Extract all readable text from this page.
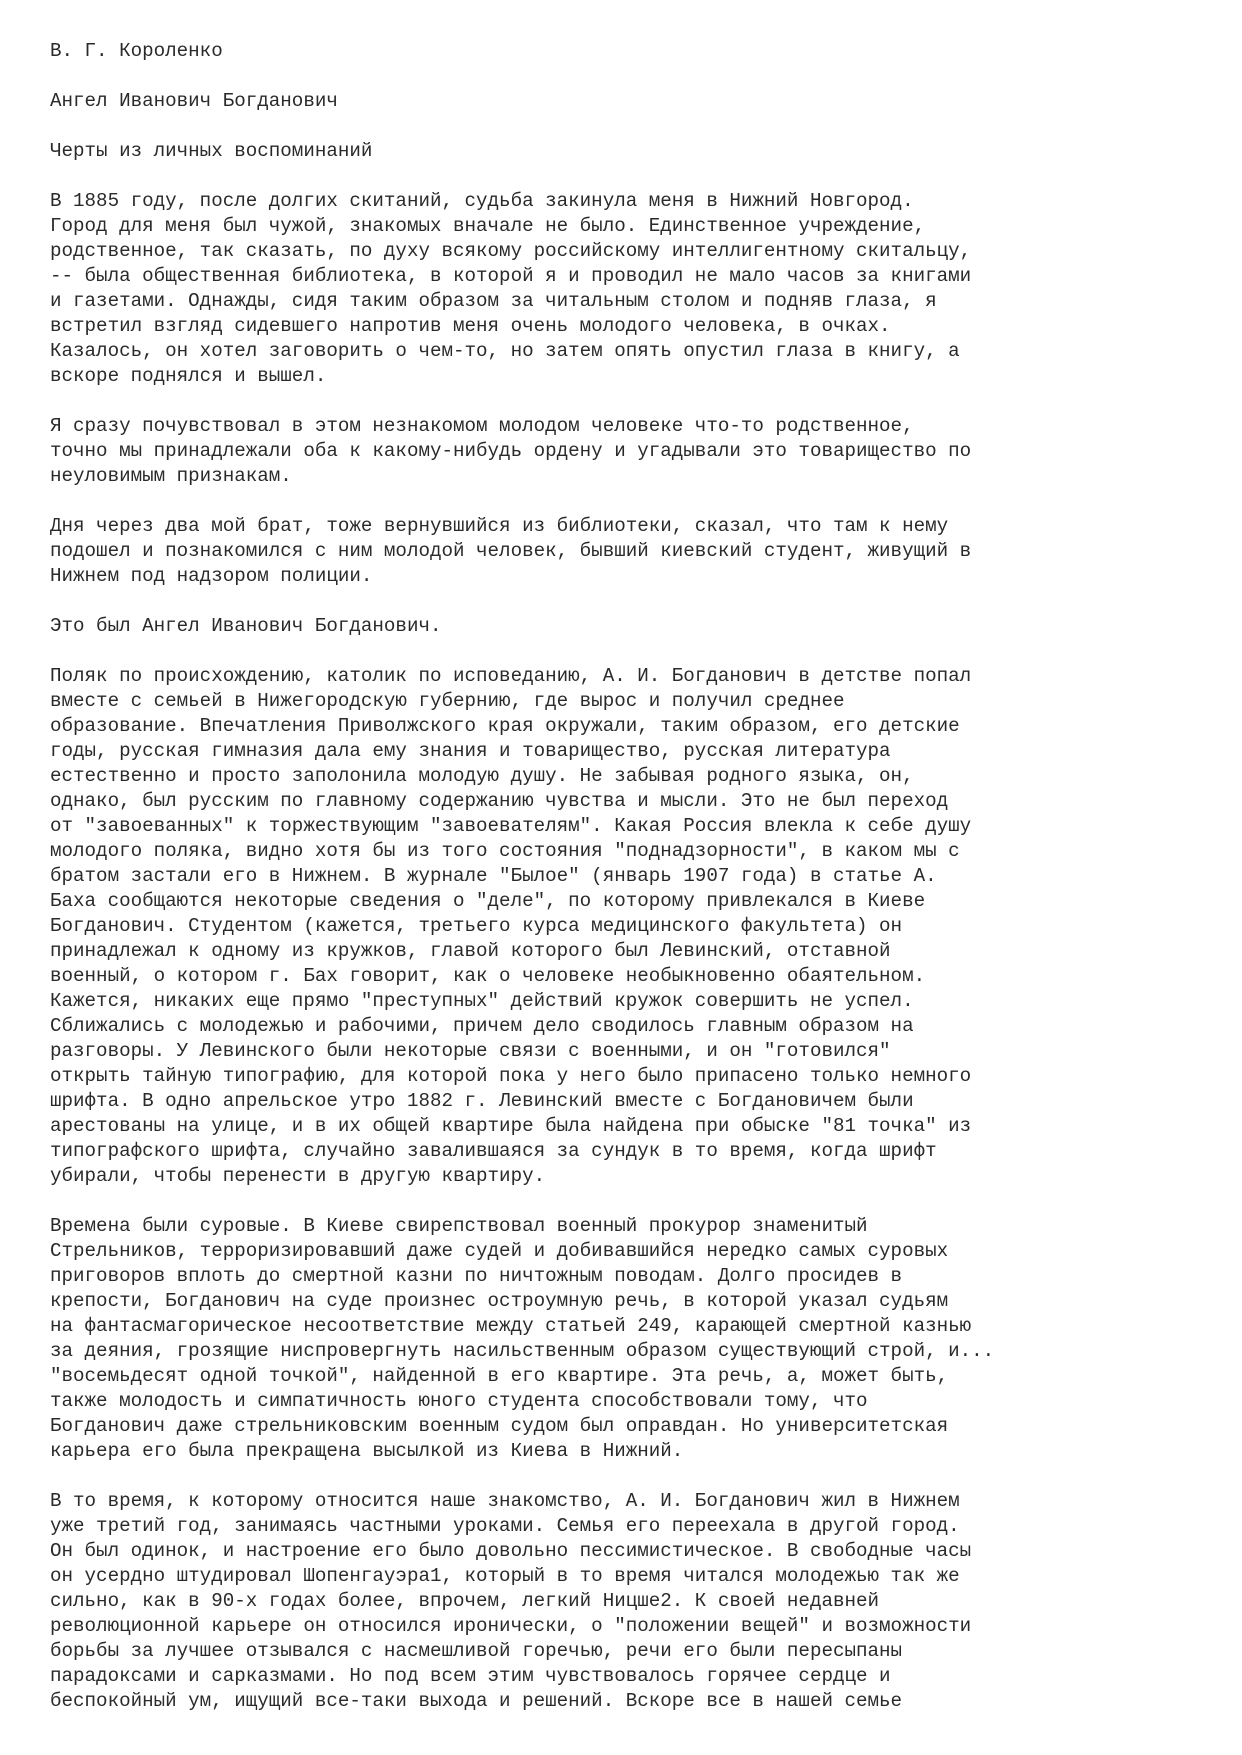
В. Г. Короленко
Ангел Иванович Богданович
Черты из личных воспоминаний
В 1885 году, после долгих скитаний, судьба закинула меня в Нижний Новгород.
Город для меня был чужой, знакомых вначале не было. Единственное учреждение,
родственное, так сказать, по духу всякому российскому интеллигентному скитальцу,
-- была общественная библиотека, в которой я и проводил не мало часов за книгами
и газетами. Однажды, сидя таким образом за читальным столом и подняв глаза, я
встретил взгляд сидевшего напротив меня очень молодого человека, в очках.
Казалось, он хотел заговорить о чем-то, но затем опять опустил глаза в книгу, а
вскоре поднялся и вышел.
Я сразу почувствовал в этом незнакомом молодом человеке что-то родственное,
точно мы принадлежали оба к какому-нибудь ордену и угадывали это товарищество по
неуловимым признакам.
Дня через два мой брат, тоже вернувшийся из библиотеки, сказал, что там к нему
подошел и познакомился с ним молодой человек, бывший киевский студент, живущий в
Нижнем под надзором полиции.
Это был Ангел Иванович Богданович.
Поляк по происхождению, католик по исповеданию, А. И. Богданович в детстве попал
вместе с семьей в Нижегородскую губернию, где вырос и получил среднее
образование. Впечатления Приволжского края окружали, таким образом, его детские
годы, русская гимназия дала ему знания и товарищество, русская литература
естественно и просто заполонила молодую душу. Не забывая родного языка, он,
однако, был русским по главному содержанию чувства и мысли. Это не был переход
от "завоеванных" к торжествующим "завоевателям". Какая Россия влекла к себе душу
молодого поляка, видно хотя бы из того состояния "поднадзорности", в каком мы с
братом застали его в Нижнем. В журнале "Былое" (январь 1907 года) в статье А.
Баха сообщаются некоторые сведения о "деле", по которому привлекался в Киеве
Богданович. Студентом (кажется, третьего курса медицинского факультета) он
принадлежал к одному из кружков, главой которого был Левинский, отставной
военный, о котором г. Бах говорит, как о человеке необыкновенно обаятельном.
Кажется, никаких еще прямо "преступных" действий кружок совершить не успел.
Сближались с молодежью и рабочими, причем дело сводилось главным образом на
разговоры. У Левинского были некоторые связи с военными, и он "готовился"
открыть тайную типографию, для которой пока у него было припасено только немного
шрифта. В одно апрельское утро 1882 г. Левинский вместе с Богдановичем были
арестованы на улице, и в их общей квартире была найдена при обыске "81 точка" из
типографского шрифта, случайно завалившаяся за сундук в то время, когда шрифт
убирали, чтобы перенести в другую квартиру.
Времена были суровые. В Киеве свирепствовал военный прокурор знаменитый
Стрельников, терроризировавший даже судей и добивавшийся нередко самых суровых
приговоров вплоть до смертной казни по ничтожным поводам. Долго просидев в
крепости, Богданович на суде произнес остроумную речь, в которой указал судьям
на фантасмагорическое несоответствие между статьей 249, карающей смертной казнью
за деяния, грозящие ниспровергнуть насильственным образом существующий строй, и...
"восемьдесят одной точкой", найденной в его квартире. Эта речь, а, может быть,
также молодость и симпатичность юного студента способствовали тому, что
Богданович даже стрельниковским военным судом был оправдан. Но университетская
карьера его была прекращена высылкой из Киева в Нижний.
В то время, к которому относится наше знакомство, А. И. Богданович жил в Нижнем
уже третий год, занимаясь частными уроками. Семья его переехала в другой город.
Он был одинок, и настроение его было довольно пессимистическое. В свободные часы
он усердно штудировал Шопенгауэра1, который в то время читался молодежью так же
сильно, как в 90-х годах более, впрочем, легкий Ницше2. К своей недавней
революционной карьере он относился иронически, о "положении вещей" и возможности
борьбы за лучшее отзывался с насмешливой горечью, речи его были пересыпаны
парадоксами и сарказмами. Но под всем этим чувствовалось горячее сердце и
беспокойный ум, ищущий все-таки выхода и решений. Вскоре все в нашей семье
